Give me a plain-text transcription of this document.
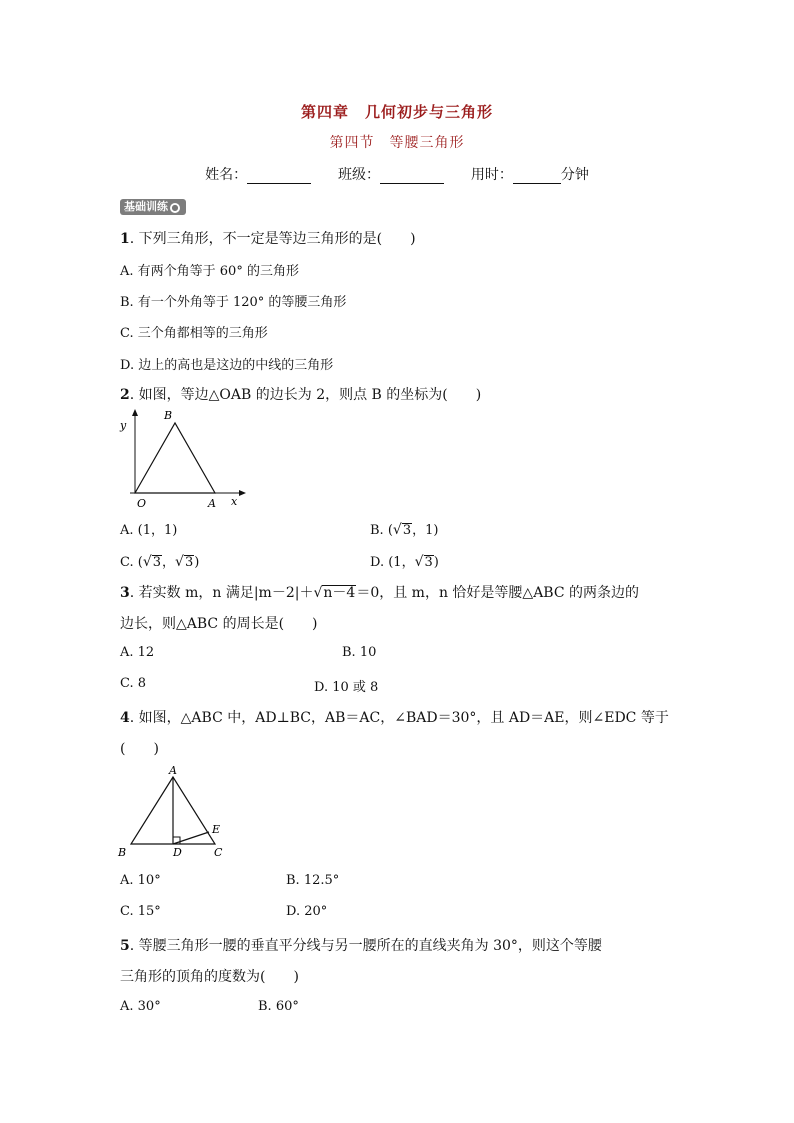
第四章　几何初步与三角形
第四节　等腰三角形
姓名：	班级：	用时：	分钟
基础训练 ●
1. 下列三角形，不一定是等边三角形的是(　　)
A. 有两个角等于 60° 的三角形
B. 有一个外角等于 120° 的等腰三角形
C. 三个角都相等的三角形
D. 边上的高也是这边的中线的三角形
2. 如图，等边△OAB 的边长为 2，则点 B 的坐标为(　　)
y
B
O	A x
A. (1，1)	B. (√3，1)
C. (√3，√3)	D. (1，√3)
3. 若实数 m，n 满足|m－2|＋√n－4＝0，且 m，n 恰好是等腰△ABC 的两条边的
边长，则△ABC 的周长是(　　)
A. 12	B. 10
C. 8	D. 10 或 8
4. 如图，△ABC 中，AD⊥BC，AB＝AC，∠BAD＝30°，且 AD＝AE，则∠EDC 等于
(　　)
A
B	D	C
E
A. 10°	B. 12.5°
C. 15°	D. 20°
5. 等腰三角形一腰的垂直平分线与另一腰所在的直线夹角为 30°，则这个等腰
三角形的顶角的度数为(　　)
A. 30°	B. 60°
